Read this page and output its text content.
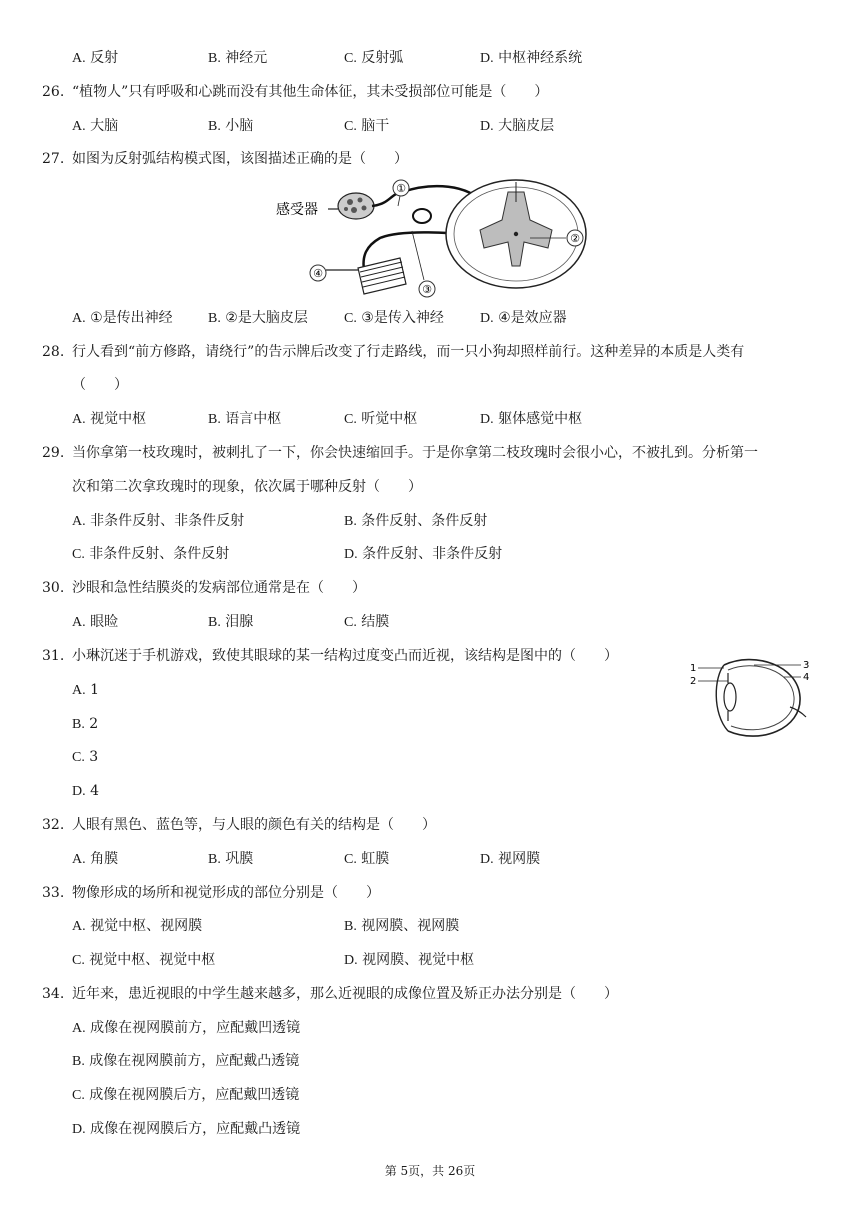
A. 反射	B. 神经元	C. 反射弧	D. 中枢神经系统
26. “植物人”只有呼吸和心跳而没有其他生命体征，其未受损部位可能是（　　）
A. 大脑	B. 小脑	C. 脑干	D. 大脑皮层
27. 如图为反射弧结构模式图，该图描述正确的是（　　）
感受器
①
②
③
④
A. ①是传出神经	B. ②是大脑皮层	C. ③是传入神经	D. ④是效应器
28. 行人看到“前方修路，请绕行”的告示牌后改变了行走路线，而一只小狗却照样前行。这种差异的本质是人类有
（　　）
A. 视觉中枢	B. 语言中枢	C. 听觉中枢	D. 躯体感觉中枢
29. 当你拿第一枝玫瑰时，被刺扎了一下，你会快速缩回手。于是你拿第二枝玫瑰时会很小心，不被扎到。分析第一
次和第二次拿玫瑰时的现象，依次属于哪种反射（　　）
A. 非条件反射、非条件反射	B. 条件反射、条件反射
C. 非条件反射、条件反射	D. 条件反射、非条件反射
30. 沙眼和急性结膜炎的发病部位通常是在（　　）
A. 眼睑	B. 泪腺	C. 结膜
31. 小琳沉迷于手机游戏，致使其眼球的某一结构过度变凸而近视，该结构是图中的（　　）
1
2
3
4
A. 1
B. 2
C. 3
D. 4
32. 人眼有黑色、蓝色等，与人眼的颜色有关的结构是（　　）
A. 角膜	B. 巩膜	C. 虹膜	D. 视网膜
33. 物像形成的场所和视觉形成的部位分别是（　　）
A. 视觉中枢、视网膜	B. 视网膜、视网膜
C. 视觉中枢、视觉中枢	D. 视网膜、视觉中枢
34. 近年来，患近视眼的中学生越来越多，那么近视眼的成像位置及矫正办法分别是（　　）
A. 成像在视网膜前方，应配戴凹透镜
B. 成像在视网膜前方，应配戴凸透镜
C. 成像在视网膜后方，应配戴凹透镜
D. 成像在视网膜后方，应配戴凸透镜
第 5页，共 26页
